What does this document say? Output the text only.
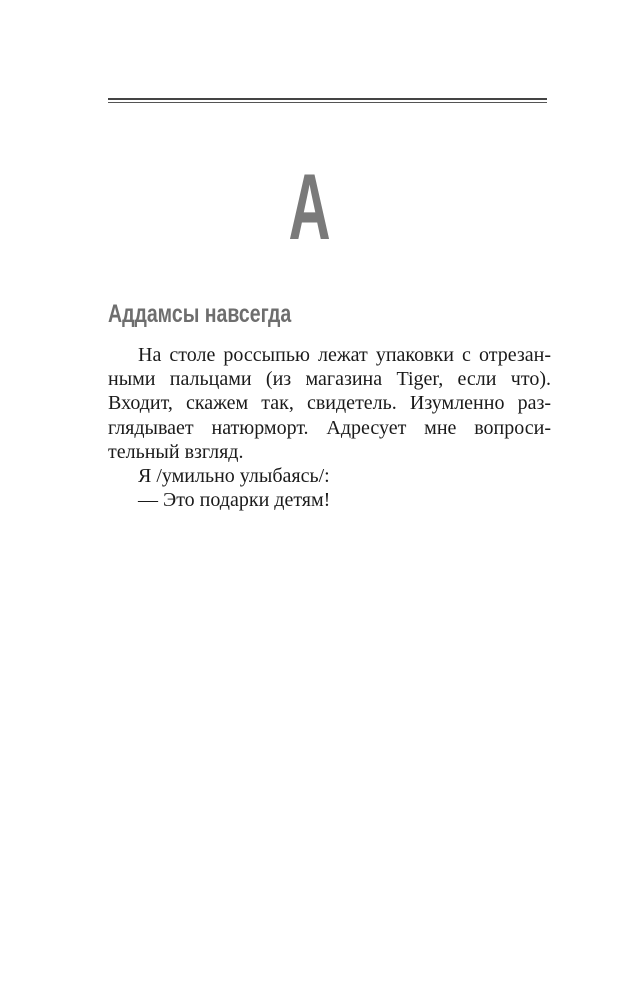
А
Аддамсы навсегда
На столе россыпью лежат упаковки с отрезан-
ными пальцами (из магазина Tiger, если что).
Входит, скажем так, свидетель. Изумленно раз-
глядывает натюрморт. Адресует мне вопроси-
тельный взгляд.
Я /умильно улыбаясь/:
— Это подарки детям!
